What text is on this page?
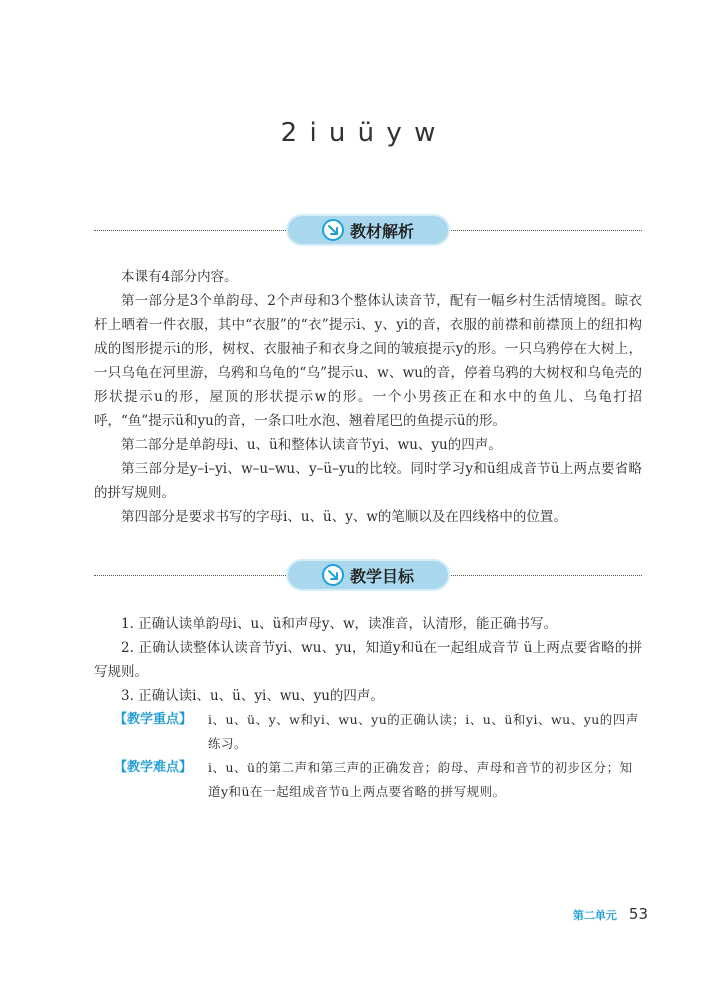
2 i u ü y w
教材解析

本课有4部分内容。

第一部分是3个单韵母、2个声母和3个整体认读音节，配有一幅乡村生活情境图。晾衣杆上晒着一件衣服，其中“衣服”的“衣”提示i、y、yi的音，衣服的前襟和前襟顶上的纽扣构成的图形提示i的形，树杈、衣服袖子和衣身之间的皱痕提示y的形。一只乌鸦停在大树上，一只乌龟在河里游，乌鸦和乌龟的“乌”提示u、w、wu的音，停着乌鸦的大树杈和乌龟壳的形状提示u的形，屋顶的形状提示w的形。一个小男孩正在和水中的鱼儿、乌龟打招呼，“鱼”提示ü和yu的音，一条口吐水泡、翘着尾巴的鱼提示ü的形。

第二部分是单韵母i、u、ü和整体认读音节yi、wu、yu的四声。

第三部分是y–i–yi、w–u–wu、y–ü–yu的比较。同时学习y和ü组成音节ü上两点要省略的拼写规则。

第四部分是要求书写的字母i、u、ü、y、w的笔顺以及在四线格中的位置。

教学目标

1. 正确认读单韵母i、u、ü和声母y、w，读准音，认清形，能正确书写。

2. 正确认读整体认读音节yi、wu、yu，知道y和ü在一起组成音节 ü上两点要省略的拼写规则。

3. 正确认读i、u、ü、yi、wu、yu的四声。

【教学重点】	i、u、ü、y、w和yi、wu、yu的正确认读；i、u、ü和yi、wu、yu的四声练习。
【教学难点】	i、u、ü的第二声和第三声的正确发音；韵母、声母和音节的初步区分；知道y和ü在一起组成音节ü上两点要省略的拼写规则。
第二单元 53
